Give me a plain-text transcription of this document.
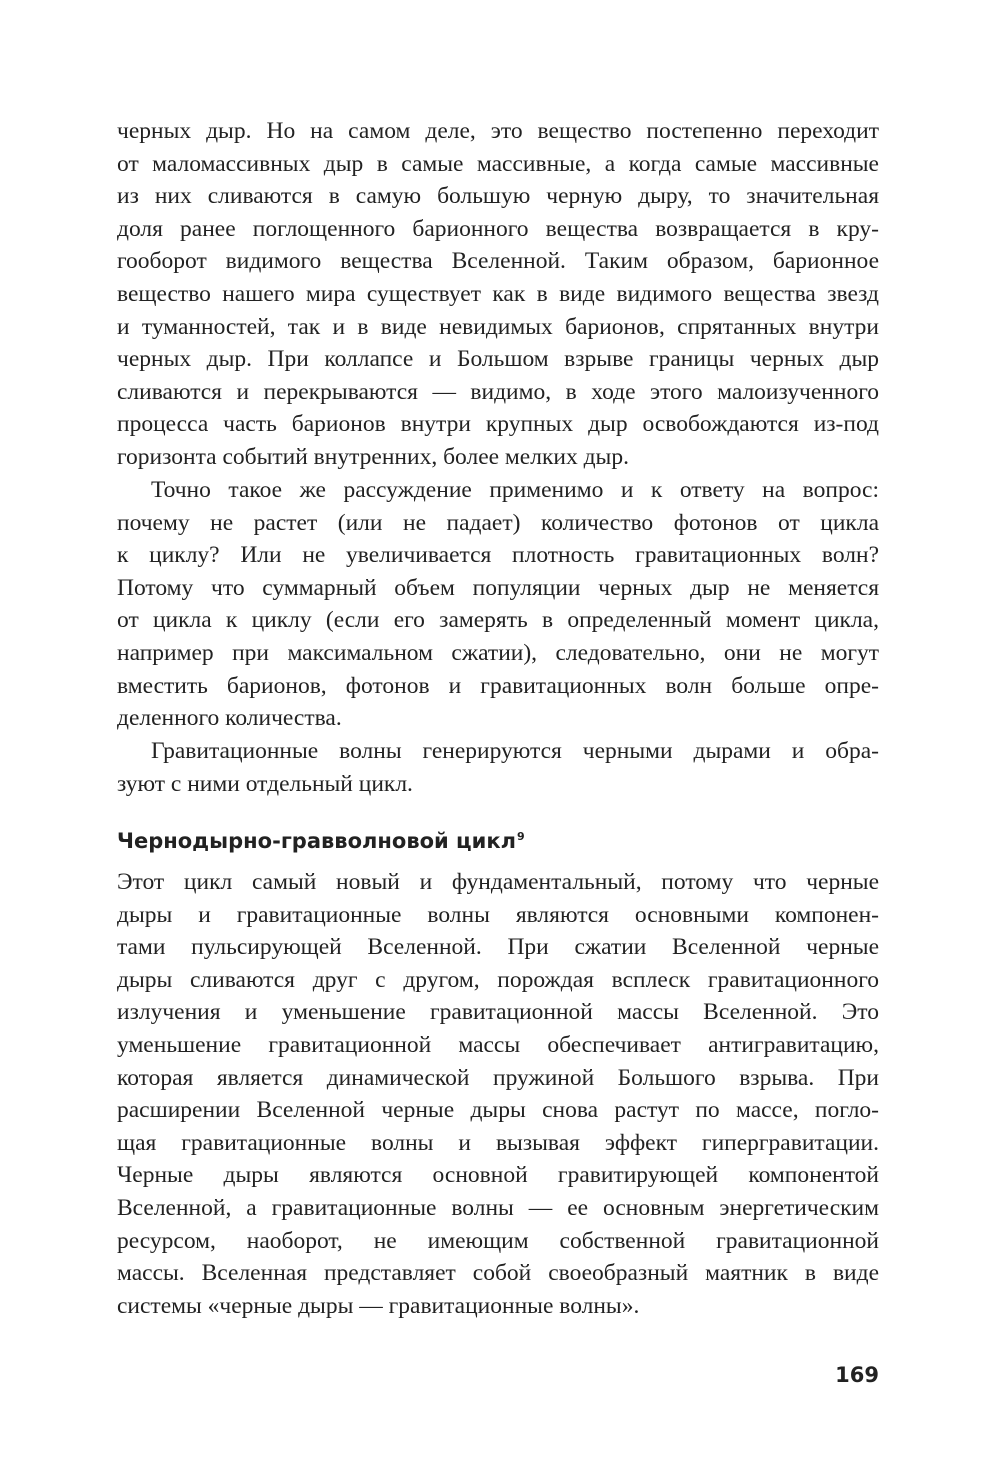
черных дыр. Но на самом деле, это вещество постепенно переходит
от маломассивных дыр в самые массивные, а когда самые массивные
из них сливаются в самую большую черную дыру, то значительная
доля ранее поглощенного барионного вещества возвращается в кру-
гооборот видимого вещества Вселенной. Таким образом, барионное
вещество нашего мира существует как в виде видимого вещества звезд
и туманностей, так и в виде невидимых барионов, спрятанных внутри
черных дыр. При коллапсе и Большом взрыве границы черных дыр
сливаются и перекрываются — видимо, в ходе этого малоизученного
процесса часть барионов внутри крупных дыр освобождаются из-под
горизонта событий внутренних, более мелких дыр.
Точно такое же рассуждение применимо и к ответу на вопрос:
почему не растет (или не падает) количество фотонов от цикла
к циклу? Или не увеличивается плотность гравитационных волн?
Потому что суммарный объем популяции черных дыр не меняется
от цикла к циклу (если его замерять в определенный момент цикла,
например при максимальном сжатии), следовательно, они не могут
вместить барионов, фотонов и гравитационных волн больше опре-
деленного количества.
Гравитационные волны генерируются черными дырами и обра-
зуют с ними отдельный цикл.
Чернодырно-гравволновой цикл$^9$
Этот цикл самый новый и фундаментальный, потому что черные
дыры и гравитационные волны являются основными компонен-
тами пульсирующей Вселенной. При сжатии Вселенной черные
дыры сливаются друг с другом, порождая всплеск гравитационного
излучения и уменьшение гравитационной массы Вселенной. Это
уменьшение гравитационной массы обеспечивает антигравитацию,
которая является динамической пружиной Большого взрыва. При
расширении Вселенной черные дыры снова растут по массе, погло-
щая гравитационные волны и вызывая эффект гипергравитации.
Черные дыры являются основной гравитирующей компонентой
Вселенной, а гравитационные волны — ее основным энергетическим
ресурсом, наоборот, не имеющим собственной гравитационной
массы. Вселенная представляет собой своеобразный маятник в виде
системы «черные дыры — гравитационные волны».
169
